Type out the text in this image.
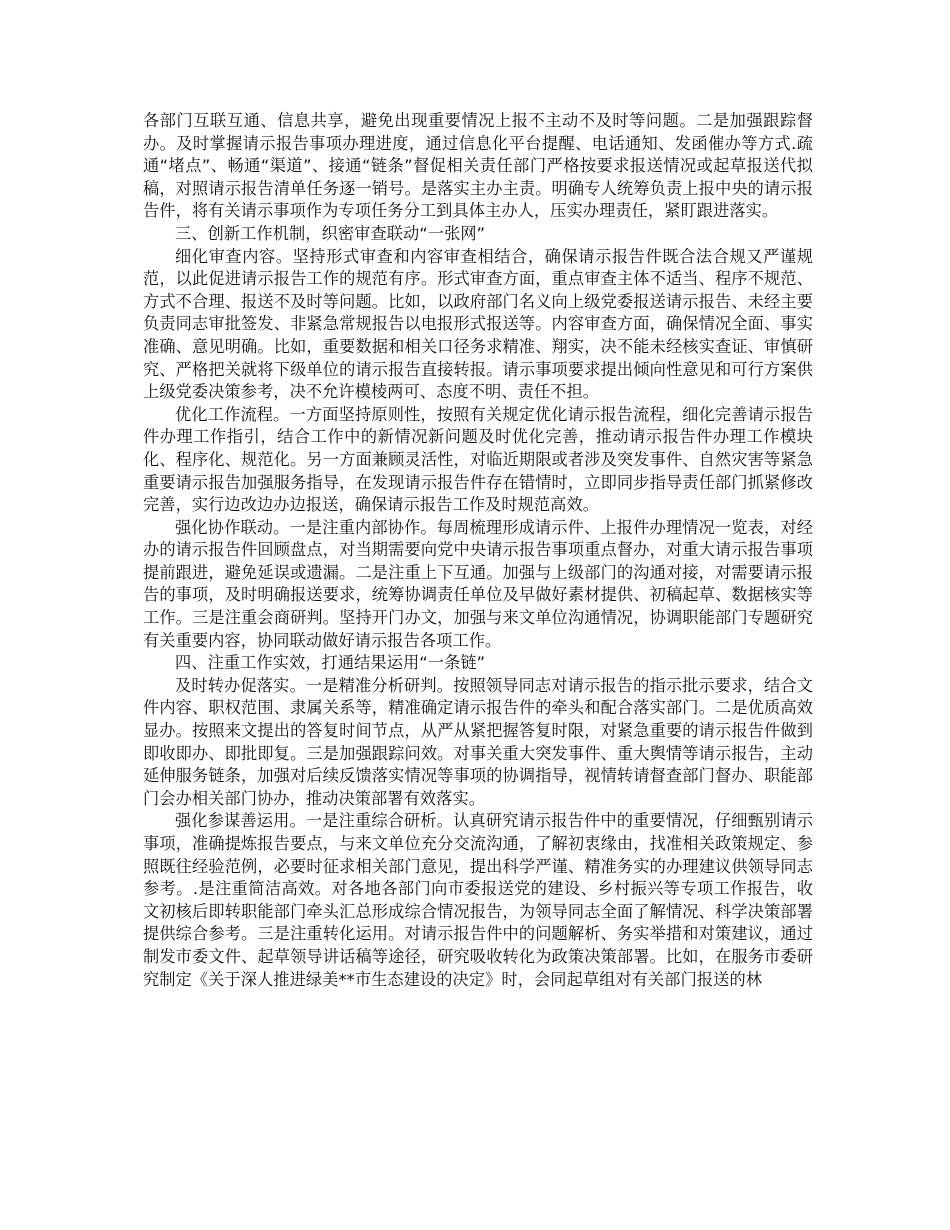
各部门互联互通、信息共享，避免出现重要情况上报不主动不及时等问题。二是加强跟踪督办。及时掌握请示报告事项办理进度，通过信息化平台提醒、电话通知、发函催办等方式.疏通“堵点”、畅通“渠道”、接通“链条”督促相关责任部门严格按要求报送情况或起草报送代拟稿，对照请示报告清单任务逐一销号。是落实主办主责。明确专人统筹负责上报中央的请示报告件，将有关请示事项作为专项任务分工到具体主办人，压实办理责任，紧盯跟进落实。

三、创新工作机制，织密审查联动“一张网”

细化审查内容。坚持形式审查和内容审查相结合，确保请示报告件既合法合规又严谨规范，以此促进请示报告工作的规范有序。形式审查方面，重点审查主体不适当、程序不规范、方式不合理、报送不及时等问题。比如，以政府部门名义向上级党委报送请示报告、未经主要负责同志审批签发、非紧急常规报告以电报形式报送等。内容审查方面，确保情况全面、事实准确、意见明确。比如，重要数据和相关口径务求精准、翔实，决不能未经核实查证、审慎研究、严格把关就将下级单位的请示报告直接转报。请示事项要求提出倾向性意见和可行方案供上级党委决策参考，决不允许模棱两可、态度不明、责任不担。

优化工作流程。一方面坚持原则性，按照有关规定优化请示报告流程，细化完善请示报告件办理工作指引，结合工作中的新情况新问题及时优化完善，推动请示报告件办理工作模块化、程序化、规范化。另一方面兼顾灵活性，对临近期限或者涉及突发事件、自然灾害等紧急重要请示报告加强服务指导，在发现请示报告件存在错情时，立即同步指导责任部门抓紧修改完善，实行边改边办边报送，确保请示报告工作及时规范高效。

强化协作联动。一是注重内部协作。每周梳理形成请示件、上报件办理情况一览表，对经办的请示报告件回顾盘点，对当期需要向党中央请示报告事项重点督办，对重大请示报告事项提前跟进，避免延误或遗漏。二是注重上下互通。加强与上级部门的沟通对接，对需要请示报告的事项，及时明确报送要求，统筹协调责任单位及早做好素材提供、初稿起草、数据核实等工作。三是注重会商研判。坚持开门办文，加强与来文单位沟通情况，协调职能部门专题研究有关重要内容，协同联动做好请示报告各项工作。

四、注重工作实效，打通结果运用“一条链”

及时转办促落实。一是精准分析研判。按照领导同志对请示报告的指示批示要求，结合文件内容、职权范围、隶属关系等，精准确定请示报告件的牵头和配合落实部门。二是优质高效显办。按照来文提出的答复时间节点，从严从紧把握答复时限，对紧急重要的请示报告件做到即收即办、即批即复。三是加强跟踪问效。对事关重大突发事件、重大舆情等请示报告，主动延伸服务链条，加强对后续反馈落实情况等事项的协调指导，视情转请督查部门督办、职能部门会办相关部门协办，推动决策部署有效落实。

强化参谋善运用。一是注重综合研析。认真研究请示报告件中的重要情况，仔细甄别请示事项，准确提炼报告要点，与来文单位充分交流沟通，了解初衷缘由，找准相关政策规定、参照既往经验范例，必要时征求相关部门意见，提出科学严谨、精准务实的办理建议供领导同志参考。.是注重简洁高效。对各地各部门向市委报送党的建设、乡村振兴等专项工作报告，收文初核后即转职能部门牵头汇总形成综合情况报告，为领导同志全面了解情况、科学决策部署提供综合参考。三是注重转化运用。对请示报告件中的问题解析、务实举措和对策建议，通过制发市委文件、起草领导讲话稿等途径，研究吸收转化为政策决策部署。比如，在服务市委研究制定《关于深人推进绿美**市生态建设的决定》时，会同起草组对有关部门报送的林
